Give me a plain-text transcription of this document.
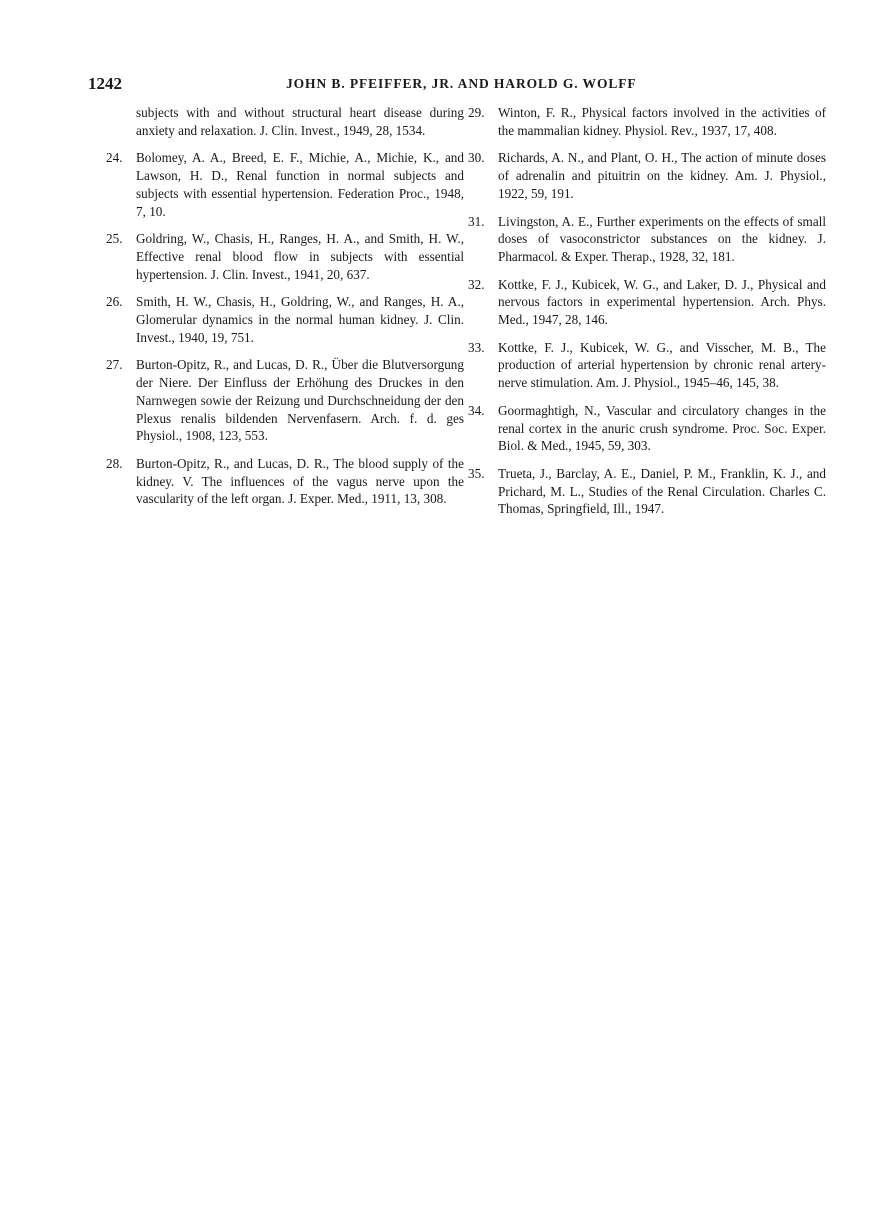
1242	JOHN B. PFEIFFER, JR. AND HAROLD G. WOLFF

subjects with and without structural heart disease during anxiety and relaxation. J. Clin. Invest., 1949, 28, 1534.

24.	Bolomey, A. A., Breed, E. F., Michie, A., Michie, K., and Lawson, H. D., Renal function in normal subjects and subjects with essential hypertension. Federation Proc., 1948, 7, 10.

25.	Goldring, W., Chasis, H., Ranges, H. A., and Smith, H. W., Effective renal blood flow in subjects with essential hypertension. J. Clin. Invest., 1941, 20, 637.

26.	Smith, H. W., Chasis, H., Goldring, W., and Ranges, H. A., Glomerular dynamics in the normal human kidney. J. Clin. Invest., 1940, 19, 751.

27.	Burton-Opitz, R., and Lucas, D. R., Über die Blutversorgung der Niere. Der Einfluss der Erhöhung des Druckes in den Narnwegen sowie der Reizung und Durchschneidung der den Plexus renalis bildenden Nervenfasern. Arch. f. d. ges Physiol., 1908, 123, 553.

28.	Burton-Opitz, R., and Lucas, D. R., The blood supply of the kidney. V. The influences of the vagus nerve upon the vascularity of the left organ. J. Exper. Med., 1911, 13, 308.

29.	Winton, F. R., Physical factors involved in the activities of the mammalian kidney. Physiol. Rev., 1937, 17, 408.

30.	Richards, A. N., and Plant, O. H., The action of minute doses of adrenalin and pituitrin on the kidney. Am. J. Physiol., 1922, 59, 191.

31.	Livingston, A. E., Further experiments on the effects of small doses of vasoconstrictor substances on the kidney. J. Pharmacol. & Exper. Therap., 1928, 32, 181.

32.	Kottke, F. J., Kubicek, W. G., and Laker, D. J., Physical and nervous factors in experimental hypertension. Arch. Phys. Med., 1947, 28, 146.

33.	Kottke, F. J., Kubicek, W. G., and Visscher, M. B., The production of arterial hypertension by chronic renal artery-nerve stimulation. Am. J. Physiol., 1945–46, 145, 38.

34.	Goormaghtigh, N., Vascular and circulatory changes in the renal cortex in the anuric crush syndrome. Proc. Soc. Exper. Biol. & Med., 1945, 59, 303.

35.	Trueta, J., Barclay, A. E., Daniel, P. M., Franklin, K. J., and Prichard, M. L., Studies of the Renal Circulation. Charles C. Thomas, Springfield, Ill., 1947.
